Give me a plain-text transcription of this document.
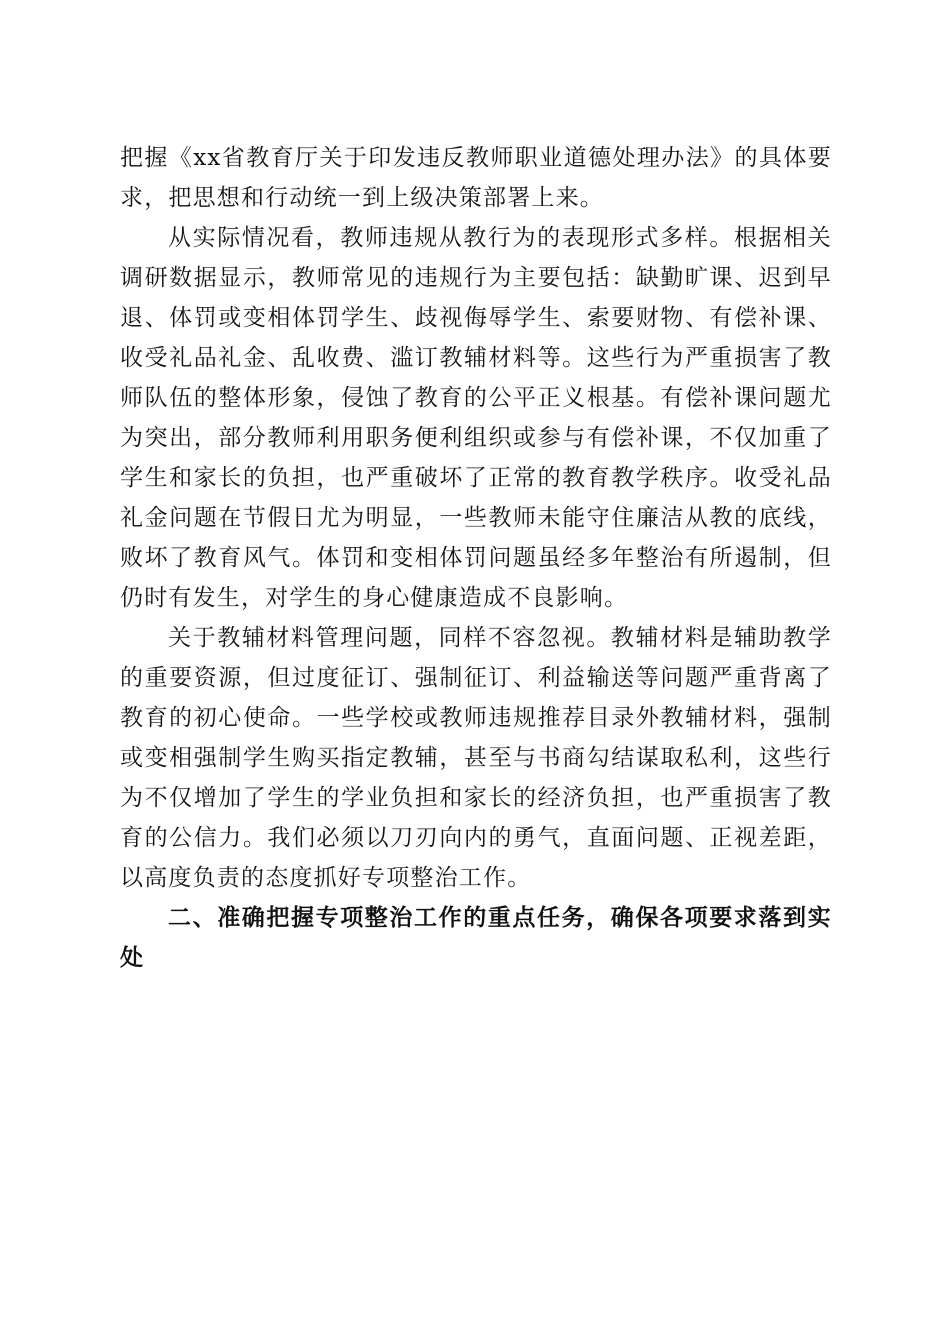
把握《xx省教育厅关于印发违反教师职业道德处理办法》的具体要求，把思想和行动统一到上级决策部署上来。

从实际情况看，教师违规从教行为的表现形式多样。根据相关调研数据显示，教师常见的违规行为主要包括：缺勤旷课、迟到早退、体罚或变相体罚学生、歧视侮辱学生、索要财物、有偿补课、收受礼品礼金、乱收费、滥订教辅材料等。这些行为严重损害了教师队伍的整体形象，侵蚀了教育的公平正义根基。有偿补课问题尤为突出，部分教师利用职务便利组织或参与有偿补课，不仅加重了学生和家长的负担，也严重破坏了正常的教育教学秩序。收受礼品礼金问题在节假日尤为明显，一些教师未能守住廉洁从教的底线，败坏了教育风气。体罚和变相体罚问题虽经多年整治有所遏制，但仍时有发生，对学生的身心健康造成不良影响。

关于教辅材料管理问题，同样不容忽视。教辅材料是辅助教学的重要资源，但过度征订、强制征订、利益输送等问题严重背离了教育的初心使命。一些学校或教师违规推荐目录外教辅材料，强制或变相强制学生购买指定教辅，甚至与书商勾结谋取私利，这些行为不仅增加了学生的学业负担和家长的经济负担，也严重损害了教育的公信力。我们必须以刀刃向内的勇气，直面问题、正视差距，以高度负责的态度抓好专项整治工作。

二、准确把握专项整治工作的重点任务，确保各项要求落到实处
